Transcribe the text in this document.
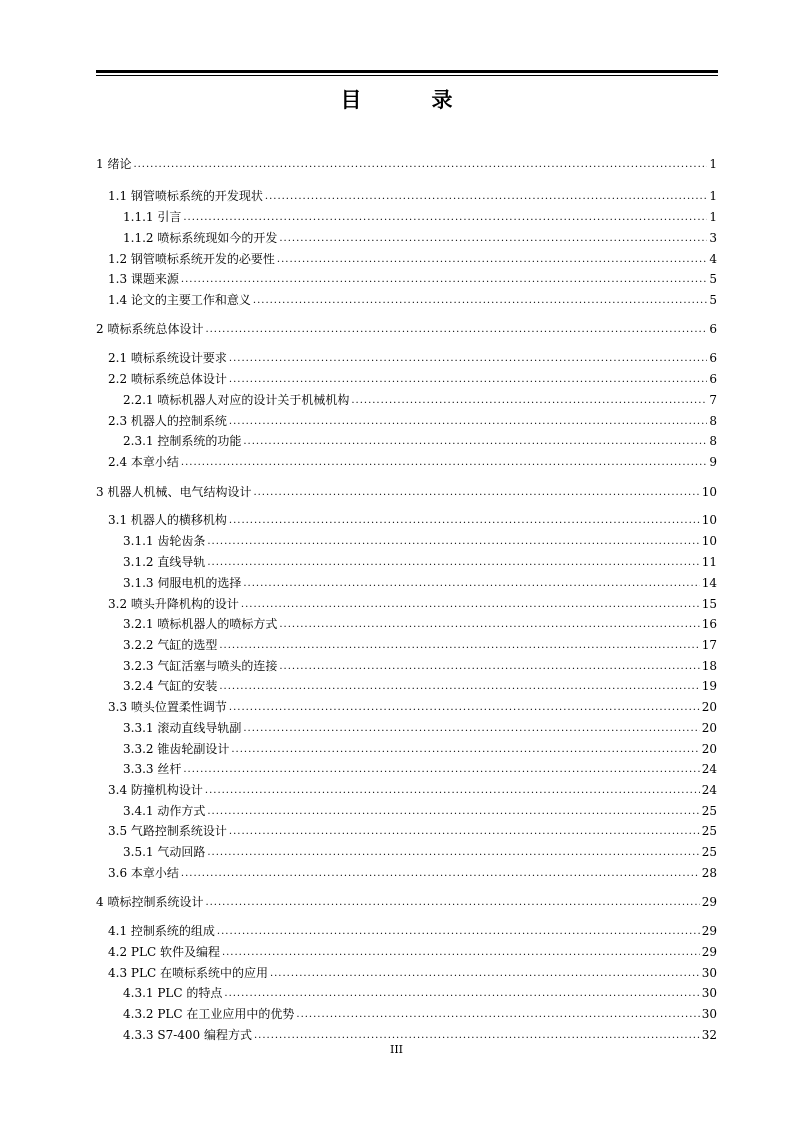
目	录
1 绪论 .....	1
1.1 钢管喷标系统的开发现状 .....	1
1.1.1 引言 .....	1
1.1.2 喷标系统现如今的开发 .....	3
1.2 钢管喷标系统开发的必要性 .....	4
1.3 课题来源 .....	5
1.4 论文的主要工作和意义 .....	5
2 喷标系统总体设计 .....	6
2.1 喷标系统设计要求 .....	6
2.2 喷标系统总体设计 .....	6
2.2.1 喷标机器人对应的设计关于机械机构 .....	7
2.3 机器人的控制系统 .....	8
2.3.1 控制系统的功能 .....	8
2.4 本章小结 .....	9
3 机器人机械、电气结构设计 .....	10
3.1 机器人的横移机构 .....	10
3.1.1 齿轮齿条 .....	10
3.1.2 直线导轨 .....	11
3.1.3 伺服电机的选择 .....	14
3.2 喷头升降机构的设计 .....	15
3.2.1 喷标机器人的喷标方式 .....	16
3.2.2 气缸的选型 .....	17
3.2.3 气缸活塞与喷头的连接 .....	18
3.2.4 气缸的安装 .....	19
3.3 喷头位置柔性调节 .....	20
3.3.1 滚动直线导轨副 .....	20
3.3.2 锥齿轮副设计 .....	20
3.3.3 丝杆 .....	24
3.4 防撞机构设计 .....	24
3.4.1 动作方式 .....	25
3.5 气路控制系统设计 .....	25
3.5.1 气动回路 .....	25
3.6 本章小结 .....	28
4 喷标控制系统设计 .....	29
4.1 控制系统的组成 .....	29
4.2 PLC 软件及编程 .....	29
4.3 PLC 在喷标系统中的应用 .....	30
4.3.1 PLC 的特点 .....	30
4.3.2 PLC 在工业应用中的优势 .....	30
4.3.3 S7-400 编程方式 .....	32
III
